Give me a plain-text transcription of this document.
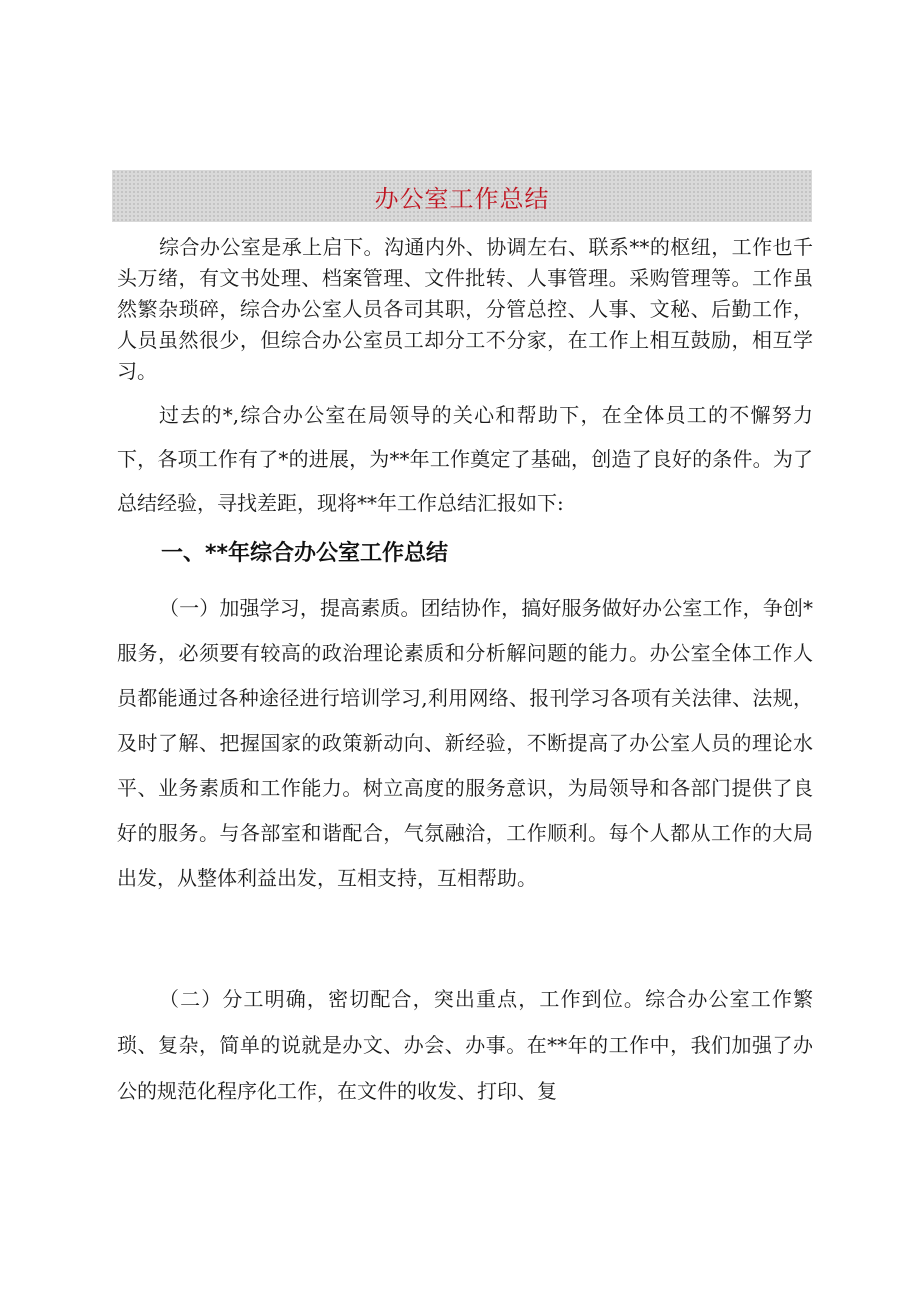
办公室工作总结

综合办公室是承上启下。沟通内外、协调左右、联系**的枢纽，工作也千头万绪，有文书处理、档案管理、文件批转、人事管理。采购管理等。工作虽然繁杂琐碎，综合办公室人员各司其职，分管总控、人事、文秘、后勤工作，人员虽然很少，但综合办公室员工却分工不分家，在工作上相互鼓励，相互学习。

过去的*,综合办公室在局领导的关心和帮助下，在全体员工的不懈努力下，各项工作有了*的进展，为**年工作奠定了基础，创造了良好的条件。为了总结经验，寻找差距，现将**年工作总结汇报如下:

一、**年综合办公室工作总结

（一）加强学习，提高素质。团结协作，搞好服务做好办公室工作，争创*服务，必须要有较高的政治理论素质和分析解问题的能力。办公室全体工作人员都能通过各种途径进行培训学习,利用网络、报刊学习各项有关法律、法规，及时了解、把握国家的政策新动向、新经验，不断提高了办公室人员的理论水平、业务素质和工作能力。树立高度的服务意识，为局领导和各部门提供了良好的服务。与各部室和谐配合，气氛融洽，工作顺利。每个人都从工作的大局出发，从整体利益出发，互相支持，互相帮助。

（二）分工明确，密切配合，突出重点，工作到位。综合办公室工作繁琐、复杂，简单的说就是办文、办会、办事。在**年的工作中，我们加强了办公的规范化程序化工作，在文件的收发、打印、复
